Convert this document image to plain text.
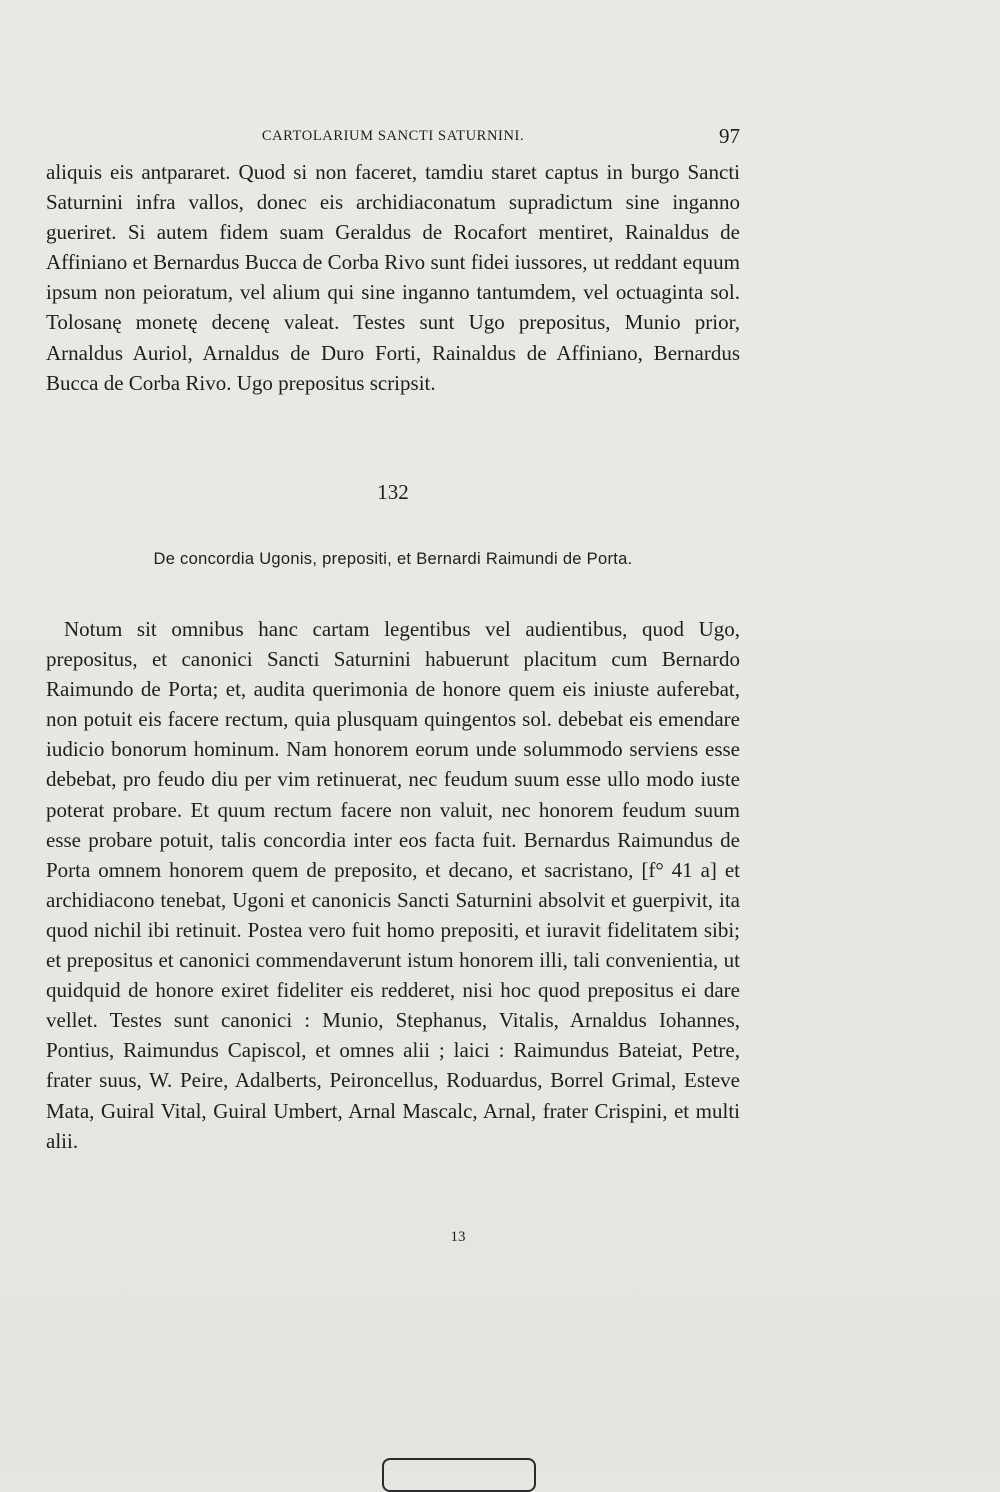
CARTOLARIUM SANCTI SATURNINI.	97

aliquis eis antpararet. Quod si non faceret, tamdiu staret captus in burgo Sancti Saturnini infra vallos, donec eis archidiaconatum supradictum sine inganno gueriret. Si autem fidem suam Geraldus de Rocafort mentiret, Rainaldus de Affiniano et Bernardus Bucca de Corba Rivo sunt fidei iussores, ut reddant equum ipsum non peioratum, vel alium qui sine inganno tantumdem, vel octuaginta sol. Tolosanę monetę decenę valeat. Testes sunt Ugo prepositus, Munio prior, Arnaldus Auriol, Arnaldus de Duro Forti, Rainaldus de Affiniano, Bernardus Bucca de Corba Rivo. Ugo prepositus scripsit.

132
De concordia Ugonis, prepositi, et Bernardi Raimundi de Porta.

Notum sit omnibus hanc cartam legentibus vel audientibus, quod Ugo, prepositus, et canonici Sancti Saturnini habuerunt placitum cum Bernardo Raimundo de Porta; et, audita querimonia de honore quem eis iniuste auferebat, non potuit eis facere rectum, quia plusquam quingentos sol. debebat eis emendare iudicio bonorum hominum. Nam honorem eorum unde solummodo serviens esse debebat, pro feudo diu per vim retinuerat, nec feudum suum esse ullo modo iuste poterat probare. Et quum rectum facere non valuit, nec honorem feudum suum esse probare potuit, talis concordia inter eos facta fuit. Bernardus Raimundus de Porta omnem honorem quem de preposito, et decano, et sacristano, [f° 41 a] et archidiacono tenebat, Ugoni et canonicis Sancti Saturnini absolvit et guerpivit, ita quod nichil ibi retinuit. Postea vero fuit homo prepositi, et iuravit fidelitatem sibi; et prepositus et canonici commendaverunt istum honorem illi, tali convenientia, ut quidquid de honore exiret fideliter eis redderet, nisi hoc quod prepositus ei dare vellet. Testes sunt canonici : Munio, Stephanus, Vitalis, Arnaldus Iohannes, Pontius, Raimundus Capiscol, et omnes alii ; laici : Raimundus Bateiat, Petre, frater suus, W. Peire, Adalberts, Peironcellus, Roduardus, Borrel Grimal, Esteve Mata, Guiral Vital, Guiral Umbert, Arnal Mascalc, Arnal, frater Crispini, et multi alii.

13
